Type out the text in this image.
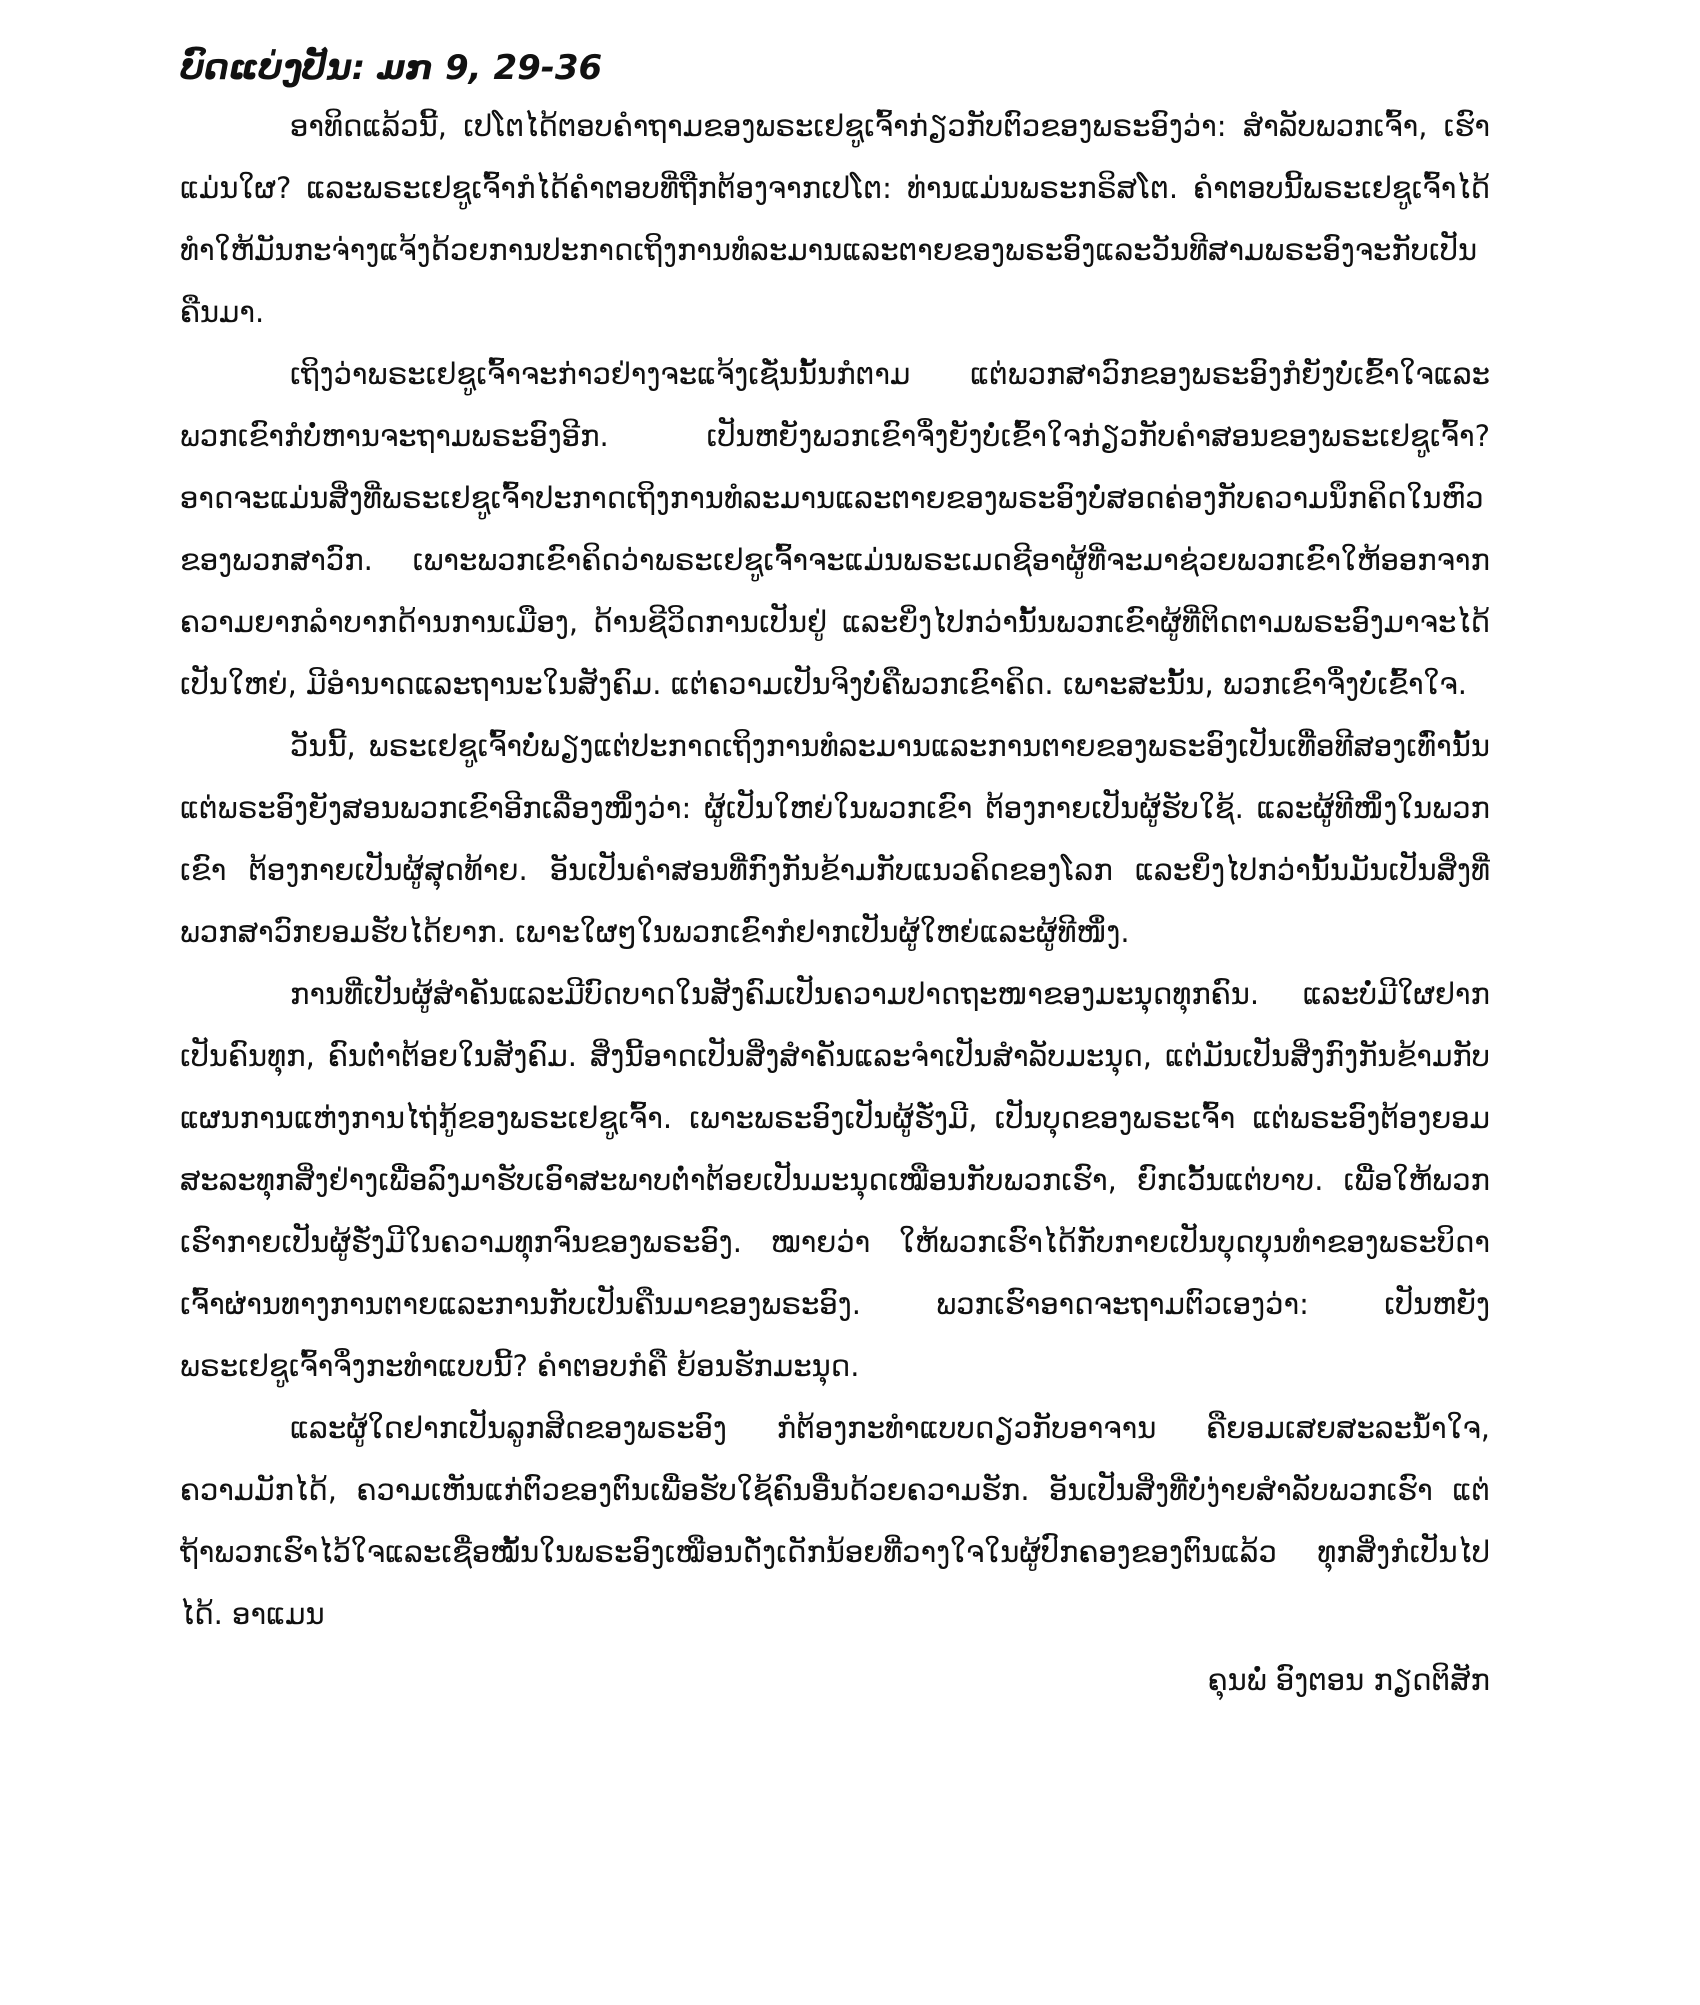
ບົດແບ່ງປັນ: ມກ 9, 29-36

ອາທິດແລ້ວນີ້, ເປໂຕໄດ້ຕອບຄໍາຖາມຂອງພຣະເຢຊູເຈົ້າກ່ຽວກັບຕົວຂອງພຣະອົງວ່າ: ສໍາລັບພວກເຈົ້າ, ເຮົາແມ່ນໃຜ? ແລະພຣະເຢຊູເຈົ້າກໍໄດ້ຄໍາຕອບທີ່ຖືກຕ້ອງຈາກເປໂຕ: ທ່ານແມ່ນພຣະກຣິສໂຕ. ຄໍາຕອບນີ້ພຣະເຢຊູເຈົ້າໄດ້ທໍາໃຫ້ມັນກະຈ່າງແຈ້ງດ້ວຍການປະກາດເຖິງການທໍລະມານແລະຕາຍຂອງພຣະອົງແລະວັນທີສາມພຣະອົງຈະກັບເປັນຄືນມາ.

ເຖິງວ່າພຣະເຢຊູເຈົ້າຈະກ່າວຢ່າງຈະແຈ້ງເຊັ່ນນັ້ນກໍຕາມ ແຕ່ພວກສາວົກຂອງພຣະອົງກໍຍັງບໍ່ເຂົ້າໃຈແລະພວກເຂົາກໍບໍ່ຫານຈະຖາມພຣະອົງອີກ. ເປັນຫຍັງພວກເຂົາຈຶ່ງຍັງບໍ່ເຂົ້າໃຈກ່ຽວກັບຄໍາສອນຂອງພຣະເຢຊູເຈົ້າ? ອາດຈະແມ່ນສິ່ງທີ່ພຣະເຢຊູເຈົ້າປະກາດເຖິງການທໍລະມານແລະຕາຍຂອງພຣະອົງບໍ່ສອດຄ່ອງກັບຄວາມນຶກຄິດໃນຫົວຂອງພວກສາວົກ. ເພາະພວກເຂົາຄິດວ່າພຣະເຢຊູເຈົ້າຈະແມ່ນພຣະເມດຊີອາຜູ້ທີ່ຈະມາຊ່ວຍພວກເຂົາໃຫ້ອອກຈາກຄວາມຍາກລໍາບາກດ້ານການເມືອງ, ດ້ານຊີວິດການເປັນຢູ່ ແລະຍິ່ງໄປກວ່ານັ້ນພວກເຂົາຜູ້ທີ່ຕິດຕາມພຣະອົງມາຈະໄດ້ເປັນໃຫຍ່, ມີອໍານາດແລະຖານະໃນສັງຄົມ. ແຕ່ຄວາມເປັນຈິງບໍ່ຄືພວກເຂົາຄິດ. ເພາະສະນັ້ນ, ພວກເຂົາຈຶ່ງບໍ່ເຂົ້າໃຈ.

ວັນນີ້, ພຣະເຢຊູເຈົ້າບໍ່ພຽງແຕ່ປະກາດເຖິງການທໍລະມານແລະການຕາຍຂອງພຣະອົງເປັນເທື່ອທີສອງເທົ່ານັ້ນ ແຕ່ພຣະອົງຍັງສອນພວກເຂົາອີກເລື່ອງໜຶ່ງວ່າ: ຜູ້ເປັນໃຫຍ່ໃນພວກເຂົາ ຕ້ອງກາຍເປັນຜູ້ຮັບໃຊ້. ແລະຜູ້ທີໜຶ່ງໃນພວກເຂົາ ຕ້ອງກາຍເປັນຜູ້ສຸດທ້າຍ. ອັນເປັນຄໍາສອນທີ່ກົງກັນຂ້າມກັບແນວຄິດຂອງໂລກ ແລະຍິ່ງໄປກວ່ານັ້ນມັນເປັນສິ່ງທີ່ພວກສາວົກຍອມຮັບໄດ້ຍາກ. ເພາະໃຜໆໃນພວກເຂົາກໍຢາກເປັນຜູ້ໃຫຍ່ແລະຜູ້ທີໜຶ່ງ.

ການທີ່ເປັນຜູ້ສໍາຄັນແລະມີບົດບາດໃນສັງຄົມເປັນຄວາມປາດຖະໜາຂອງມະນຸດທຸກຄົນ. ແລະບໍ່ມີໃຜຢາກເປັນຄົນທຸກ, ຄົນຕໍ່າຕ້ອຍໃນສັງຄົມ. ສິ່ງນີ້ອາດເປັນສິ່ງສໍາຄັນແລະຈໍາເປັນສໍາລັບມະນຸດ, ແຕ່ມັນເປັນສິ່ງກົງກັນຂ້າມກັບແຜນການແຫ່ງການໄຖ່ກູ້ຂອງພຣະເຢຊູເຈົ້າ. ເພາະພຣະອົງເປັນຜູ້ຮັ່ງມີ, ເປັນບຸດຂອງພຣະເຈົ້າ ແຕ່ພຣະອົງຕ້ອງຍອມສະລະທຸກສິ່ງຢ່າງເພື່ອລົງມາຮັບເອົາສະພາບຕໍ່າຕ້ອຍເປັນມະນຸດເໝືອນກັບພວກເຮົາ, ຍົກເວັ້ນແຕ່ບາບ. ເພື່ອໃຫ້ພວກເຮົາກາຍເປັນຜູ້ຮັ່ງມີໃນຄວາມທຸກຈົນຂອງພຣະອົງ. ໝາຍວ່າ ໃຫ້ພວກເຮົາໄດ້ກັບກາຍເປັນບຸດບຸນທໍາຂອງພຣະບິດາເຈົ້າຜ່ານທາງການຕາຍແລະການກັບເປັນຄືນມາຂອງພຣະອົງ. ພວກເຮົາອາດຈະຖາມຕົວເອງວ່າ: ເປັນຫຍັງພຣະເຢຊູເຈົ້າຈຶ່ງກະທໍາແບບນີ້? ຄໍາຕອບກໍຄື ຍ້ອນຮັກມະນຸດ.

ແລະຜູ້ໃດຢາກເປັນລູກສິດຂອງພຣະອົງ ກໍຕ້ອງກະທໍາແບບດຽວກັບອາຈານ ຄືຍອມເສຍສະລະນໍ້າໃຈ, ຄວາມມັກໄດ້, ຄວາມເຫັນແກ່ຕົວຂອງຕົນເພື່ອຮັບໃຊ້ຄົນອື່ນດ້ວຍຄວາມຮັກ. ອັນເປັນສິ່ງທີ່ບໍ່ງ່າຍສໍາລັບພວກເຮົາ ແຕ່ຖ້າພວກເຮົາໄວ້ໃຈແລະເຊື່ອໝັ້ນໃນພຣະອົງເໝືອນດັ່ງເດັກນ້ອຍທີ່ວາງໃຈໃນຜູ້ປົກຄອງຂອງຕົນແລ້ວ ທຸກສິ່ງກໍເປັນໄປໄດ້. ອາແມນ

ຄຸນພໍ່ ອົງຕອນ ກຽດຕິສັກ
